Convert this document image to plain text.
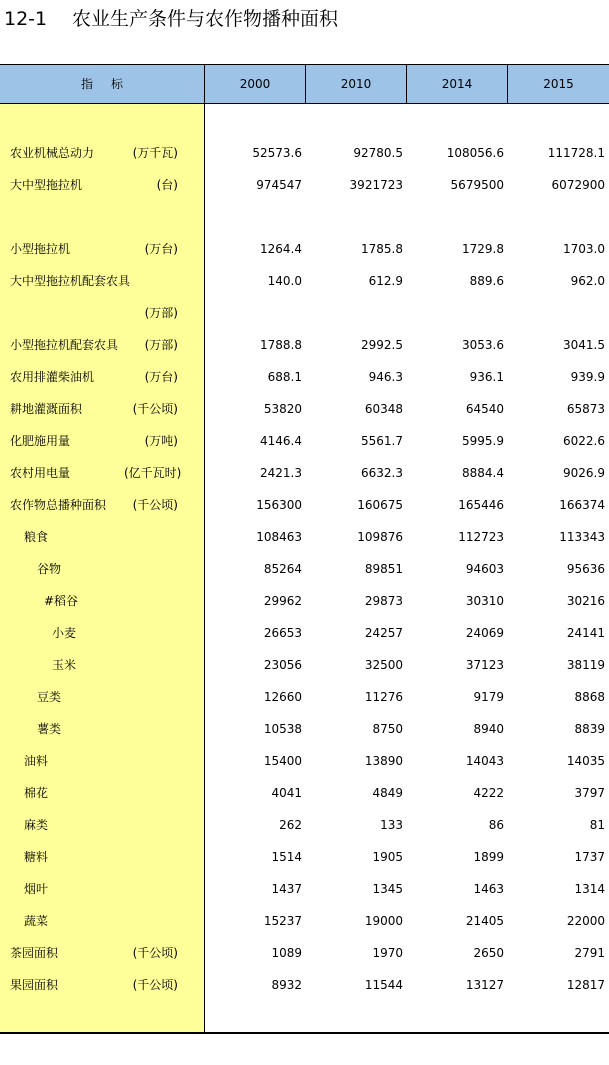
12-1 农业生产条件与农作物播种面积
指标	2000	2010	2014	2015
农业机械总动力	(万千瓦)	52573.6	92780.5	108056.6	111728.1
大中型拖拉机	(台)	974547	3921723	5679500	6072900
小型拖拉机	(万台)	1264.4	1785.8	1729.8	1703.0
大中型拖拉机配套农具	140.0	612.9	889.6	962.0
(万部)
小型拖拉机配套农具	(万部)	1788.8	2992.5	3053.6	3041.5
农用排灌柴油机	(万台)	688.1	946.3	936.1	939.9
耕地灌溉面积	(千公顷)	53820	60348	64540	65873
化肥施用量	(万吨)	4146.4	5561.7	5995.9	6022.6
农村用电量	(亿千瓦时)	2421.3	6632.3	8884.4	9026.9
农作物总播种面积	(千公顷)	156300	160675	165446	166374
粮食	108463	109876	112723	113343
谷物	85264	89851	94603	95636
#稻谷	29962	29873	30310	30216
小麦	26653	24257	24069	24141
玉米	23056	32500	37123	38119
豆类	12660	11276	9179	8868
薯类	10538	8750	8940	8839
油料	15400	13890	14043	14035
棉花	4041	4849	4222	3797
麻类	262	133	86	81
糖料	1514	1905	1899	1737
烟叶	1437	1345	1463	1314
蔬菜	15237	19000	21405	22000
茶园面积	(千公顷)	1089	1970	2650	2791
果园面积	(千公顷)	8932	11544	13127	12817
